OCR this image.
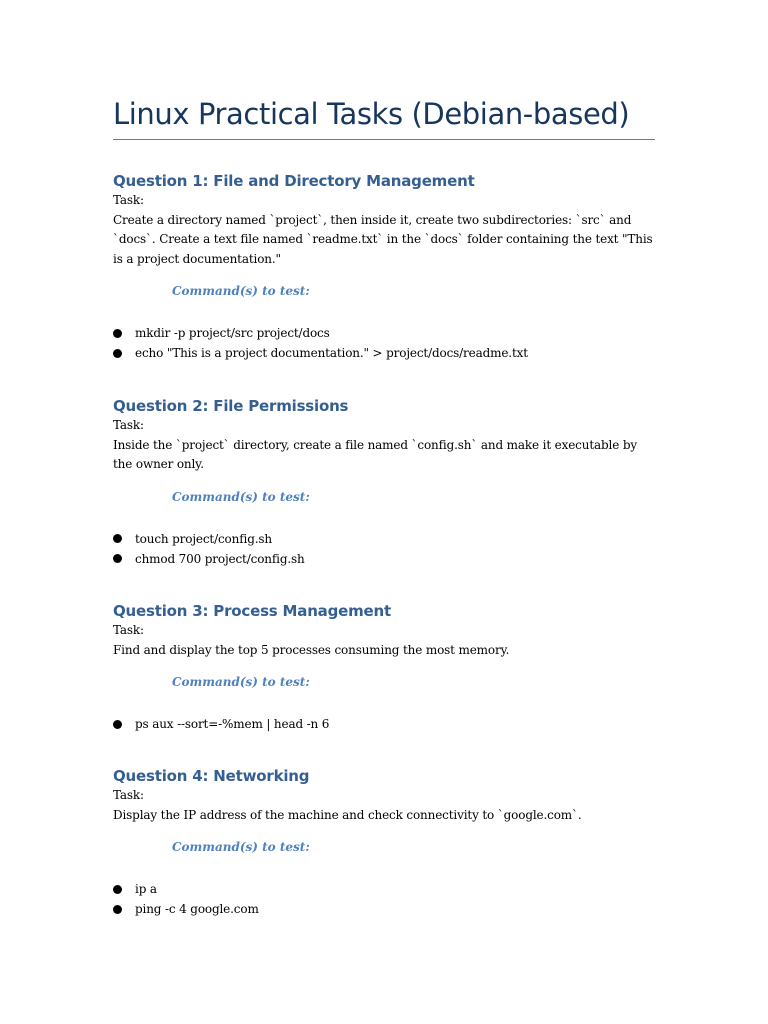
Linux Practical Tasks (Debian-based)
Question 1: File and Directory Management

Task:

Create a directory named `project`, then inside it, create two subdirectories: `src` and `docs`. Create a text file named `readme.txt` in the `docs` folder containing the text "This is a project documentation."

Command(s) to test:

mkdir -p project/src project/docs
echo "This is a project documentation." > project/docs/readme.txt
Question 2: File Permissions

Task:

Inside the `project` directory, create a file named `config.sh` and make it executable by the owner only.

Command(s) to test:

touch project/config.sh
chmod 700 project/config.sh
Question 3: Process Management

Task:

Find and display the top 5 processes consuming the most memory.

Command(s) to test:

ps aux --sort=-%mem | head -n 6
Question 4: Networking

Task:

Display the IP address of the machine and check connectivity to `google.com`.

Command(s) to test:

ip a
ping -c 4 google.com
